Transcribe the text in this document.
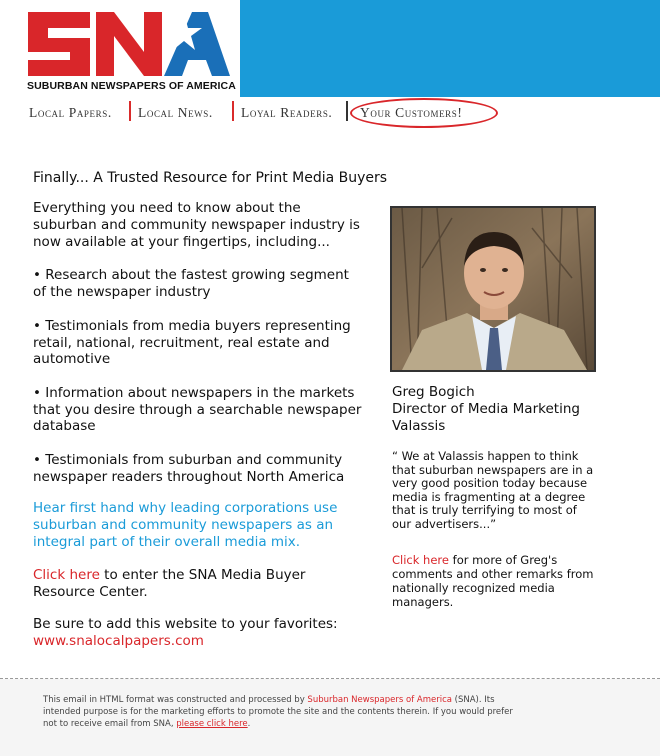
SUBURBAN NEWSPAPERS OF AMERICA
Local Papers. Local News. Loyal Readers. Your Customers!
Finally... A Trusted Resource for Print Media Buyers
Everything you need to know about the suburban and community newspaper industry is now available at your fingertips, including...
• Research about the fastest growing segment of the newspaper industry
• Testimonials from media buyers representing retail, national, recruitment, real estate and automotive
• Information about newspapers in the markets that you desire through a searchable newspaper database
• Testimonials from suburban and community newspaper readers throughout North America
Hear first hand why leading corporations use suburban and community newspapers as an integral part of their overall media mix.
Click here to enter the SNA Media Buyer Resource Center.
Be sure to add this website to your favorites:
www.snalocalpapers.com
Greg Bogich
Director of Media Marketing
Valassis
“ We at Valassis happen to think that suburban newspapers are in a very good position today because media is fragmenting at a degree that is truly terrifying to most of our advertisers...”
Click here for more of Greg's comments and other remarks from nationally recognized media managers.
This email in HTML format was constructed and processed by Suburban Newspapers of America (SNA). Its intended purpose is for the marketing efforts to promote the site and the contents therein. If you would prefer not to receive email from SNA, please click here.
